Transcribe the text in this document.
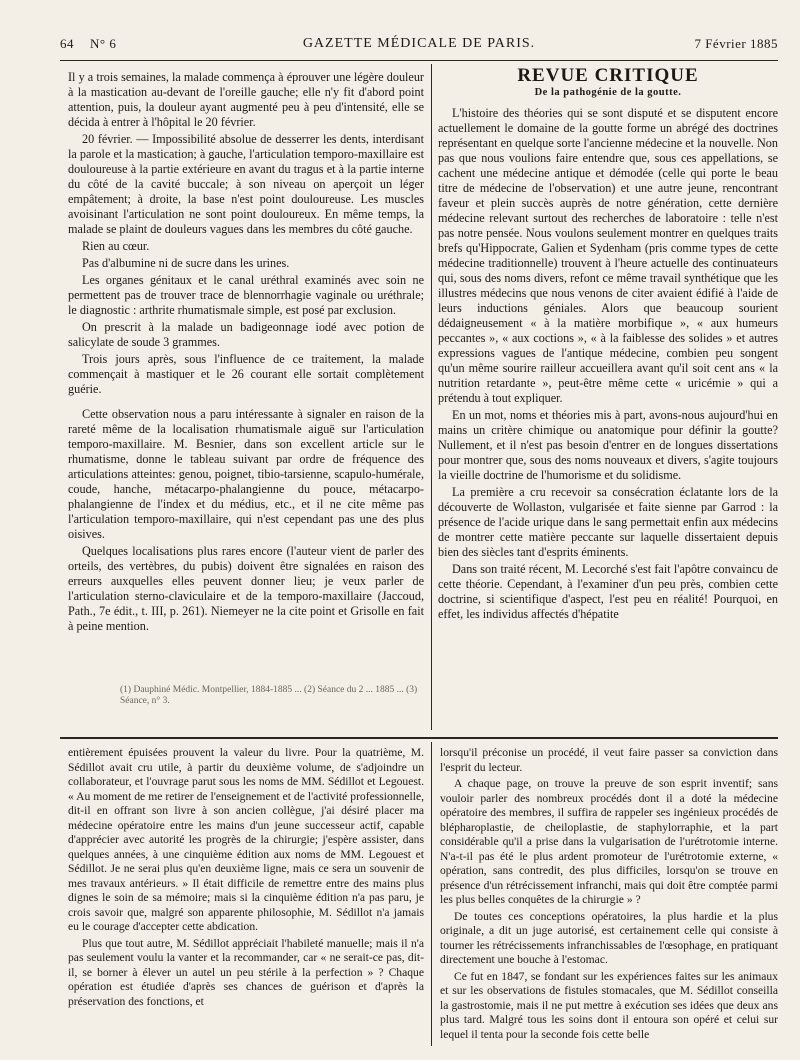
64 N° 6	GAZETTE MÉDICALE DE PARIS.	7 Février 1885

Il y a trois semaines, la malade commença à éprouver une légère douleur à la mastication au-devant de l'oreille gauche; elle n'y fit d'abord point attention, puis, la douleur ayant augmenté peu à peu d'intensité, elle se décida à entrer à l'hôpital le 20 février.

20 février. — Impossibilité absolue de desserrer les dents, interdisant la parole et la mastication; à gauche, l'articulation temporo-maxillaire est douloureuse à la partie extérieure en avant du tragus et à la partie interne du côté de la cavité buccale; à son niveau on aperçoit un léger empâtement; à droite, la base n'est point douloureuse. Les muscles avoisinant l'articulation ne sont point douloureux. En même temps, la malade se plaint de douleurs vagues dans les membres du côté gauche.

Rien au cœur.

Pas d'albumine ni de sucre dans les urines.

Les organes génitaux et le canal uréthral examinés avec soin ne permettent pas de trouver trace de blennorrhagie vaginale ou uréthrale; le diagnostic : arthrite rhumatismale simple, est posé par exclusion.

On prescrit à la malade un badigeonnage iodé avec potion de salicylate de soude 3 grammes.

Trois jours après, sous l'influence de ce traitement, la malade commençait à mastiquer et le 26 courant elle sortait complètement guérie.

Cette observation nous a paru intéressante à signaler en raison de la rareté même de la localisation rhumatismale aiguë sur l'articulation temporo-maxillaire. M. Besnier, dans son excellent article sur le rhumatisme, donne le tableau suivant par ordre de fréquence des articulations atteintes: genou, poignet, tibio-tarsienne, scapulo-humérale, coude, hanche, métacarpo-phalangienne du pouce, métacarpo-phalangienne de l'index et du médius, etc., et il ne cite même pas l'articulation temporo-maxillaire, qui n'est cependant pas une des plus oisives.

Quelques localisations plus rares encore (l'auteur vient de parler des orteils, des vertèbres, du pubis) doivent être signalées en raison des erreurs auxquelles elles peuvent donner lieu; je veux parler de l'articulation sterno-claviculaire et de la temporo-maxillaire (Jaccoud, Path., 7e édit., t. III, p. 261). Niemeyer ne la cite point et Grisolle en fait à peine mention.

(1) Dauphiné Médic. Montpellier, 1884-1885 ... (2) Séance du 2 ... 1885 ... (3) Séance, n° 3.
REVUE CRITIQUE
De la pathogénie de la goutte.

L'histoire des théories qui se sont disputé et se disputent encore actuellement le domaine de la goutte forme un abrégé des doctrines représentant en quelque sorte l'ancienne médecine et la nouvelle. Non pas que nous voulions faire entendre que, sous ces appellations, se cachent une médecine antique et démodée (celle qui porte le beau titre de médecine de l'observation) et une autre jeune, rencontrant faveur et plein succès auprès de notre génération, cette dernière médecine relevant surtout des recherches de laboratoire : telle n'est pas notre pensée. Nous voulons seulement montrer en quelques traits brefs qu'Hippocrate, Galien et Sydenham (pris comme types de cette médecine traditionnelle) trouvent à l'heure actuelle des continuateurs qui, sous des noms divers, refont ce même travail synthétique que les illustres médecins que nous venons de citer avaient édifié à l'aide de leurs inductions géniales. Alors que beaucoup sourient dédaigneusement « à la matière morbifique », « aux humeurs peccantes », « aux coctions », « à la faiblesse des solides » et autres expressions vagues de l'antique médecine, combien peu songent qu'un même sourire railleur accueillera avant qu'il soit cent ans « la nutrition retardante », peut-être même cette « uricémie » qui a prétendu à tout expliquer.

En un mot, noms et théories mis à part, avons-nous aujourd'hui en mains un critère chimique ou anatomique pour définir la goutte? Nullement, et il n'est pas besoin d'entrer en de longues dissertations pour montrer que, sous des noms nouveaux et divers, s'agite toujours la vieille doctrine de l'humorisme et du solidisme.

La première a cru recevoir sa consécration éclatante lors de la découverte de Wollaston, vulgarisée et faite sienne par Garrod : la présence de l'acide urique dans le sang permettait enfin aux médecins de montrer cette matière peccante sur laquelle dissertaient depuis bien des siècles tant d'esprits éminents.

Dans son traité récent, M. Lecorché s'est fait l'apôtre convaincu de cette théorie. Cependant, à l'examiner d'un peu près, combien cette doctrine, si scientifique d'aspect, l'est peu en réalité! Pourquoi, en effet, les individus affectés d'hépatite

entièrement épuisées prouvent la valeur du livre. Pour la quatrième, M. Sédillot avait cru utile, à partir du deuxième volume, de s'adjoindre un collaborateur, et l'ouvrage parut sous les noms de MM. Sédillot et Legouest. « Au moment de me retirer de l'enseignement et de l'activité professionnelle, dit-il en offrant son livre à son ancien collègue, j'ai désiré placer ma médecine opératoire entre les mains d'un jeune successeur actif, capable d'apprécier avec autorité les progrès de la chirurgie; j'espère assister, dans quelques années, à une cinquième édition aux noms de MM. Legouest et Sédillot. Je ne serai plus qu'en deuxième ligne, mais ce sera un souvenir de mes travaux antérieurs. » Il était difficile de remettre entre des mains plus dignes le soin de sa mémoire; mais si la cinquième édition n'a pas paru, je crois savoir que, malgré son apparente philosophie, M. Sédillot n'a jamais eu le courage d'accepter cette abdication.

Plus que tout autre, M. Sédillot appréciait l'habileté manuelle; mais il n'a pas seulement voulu la vanter et la recommander, car « ne serait-ce pas, dit-il, se borner à élever un autel un peu stérile à la perfection » ? Chaque opération est étudiée d'après ses chances de guérison et d'après la préservation des fonctions, et

lorsqu'il préconise un procédé, il veut faire passer sa conviction dans l'esprit du lecteur.

A chaque page, on trouve la preuve de son esprit inventif; sans vouloir parler des nombreux procédés dont il a doté la médecine opératoire des membres, il suffira de rappeler ses ingénieux procédés de blépharoplastie, de cheiloplastie, de staphylorraphie, et la part considérable qu'il a prise dans la vulgarisation de l'urétrotomie interne. N'a-t-il pas été le plus ardent promoteur de l'urétrotomie externe, « opération, sans contredit, des plus difficiles, lorsqu'on se trouve en présence d'un rétrécissement infranchi, mais qui doit être comptée parmi les plus belles conquêtes de la chirurgie » ?

De toutes ces conceptions opératoires, la plus hardie et la plus originale, a dit un juge autorisé, est certainement celle qui consiste à tourner les rétrécissements infranchissables de l'œsophage, en pratiquant directement une bouche à l'estomac.

Ce fut en 1847, se fondant sur les expériences faites sur les animaux et sur les observations de fistules stomacales, que M. Sédillot conseilla la gastrostomie, mais il ne put mettre à exécution ses idées que deux ans plus tard. Malgré tous les soins dont il entoura son opéré et celui sur lequel il tenta pour la seconde fois cette belle
